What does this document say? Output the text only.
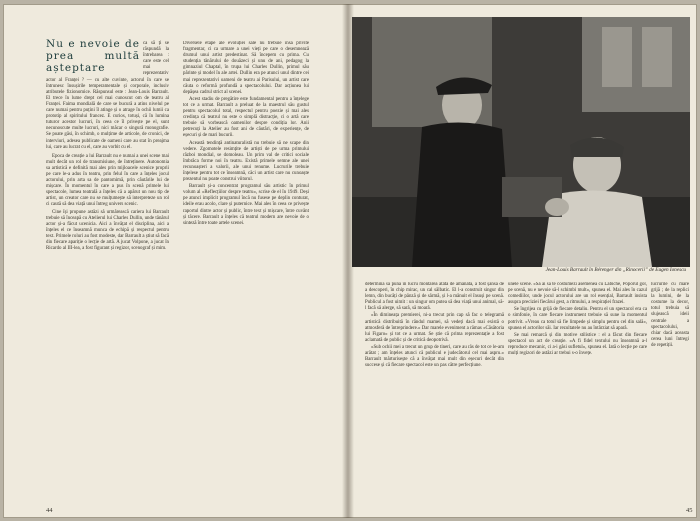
Nu e nevoie de prea multă așteptare
ca să ți se răspundă la întrebarea : care este cel mai reprezentativ actor al Franței ? — cu alte cuvinte, actorul în care se întrunesc însușirile temperamentale și corporale, inclusiv atributele fizionomice. Răspunsul este : Jean-Louis Barrault. El trece în lume drept cel mai cunoscut om de teatru al Franței. Faima mondială de care se bucură a atins nivelul pe care numai pentru puțini îl atinge și o atrage în ochii lumii ca prototip al spiritului francez. E curios, totuși, că în lumina tuturor acestor lucruri, în ceea ce îl privește pe el, sunt necunoscute multe lucruri, nici măcar o singură monografie. Se poate găsi, în schimb, o mulțime de articole, de cronici, de interviuri, adesea publicate de oameni care au stat în preajma lui, care au lucrat cu el, care au vorbit cu el.

Epoca de creație a lui Barrault nu e numai a unei scene mai mult decât un rol de transmisiune, de întreținere. Autonomia sa artistică e definită mai ales prin mijloacele scenice proprii pe care le-a adus în teatru, prin felul în care a înțeles jocul actorului, prin arta sa de pantomimă, prin căutările lui de mișcare. În momentul în care a pus în scenă primele lui spectacole, lumea teatrală a înțeles că a apărut un nou tip de artist, un creator care nu se mulțumește să interpreteze un rol ci caută să dea viață unui întreg univers scenic.

Cine își propune astăzi să urmărească cariera lui Barrault trebuie să înceapă cu Atelierul lui Charles Dullin, unde tânărul actor și-a făcut ucenicia. Aici a învățat el disciplina, aici a înțeles el ce înseamnă munca de echipă și respectul pentru text. Primele roluri au fost modeste, dar Barrault a știut să facă din fiecare apariție o lecție de artă. A jucat Volpone, a jucat în Ricardo al III-lea, a fost figurant și regizor, scenograf și mim.

Diversele etape ale evoluției sale nu trebuie însă privite fragmentar, ci ca urmare a unei vieți pe care o desemnează drumul unui artist predestinat. Să începem cu prima. Cu studenția tânărului de douăzeci și unu de ani, pedagog la gimnaziul Chaptal, în trupa lui Charles Dullin, primul său părinte și model în ale artei. Dullin era pe atunci unul dintre cei mai reprezentativi oameni de teatru ai Parisului, un artist care căuta o reformă profundă a spectacolului. Dar acțiunea lui depășea cadrul strict al scenei.

Acest stadiu de pregătire este fundamental pentru a înțelege tot ce a urmat. Barrault a preluat de la maestrul său gustul pentru spectacolul total, respectul pentru poezie și mai ales credința că teatrul nu este o simplă distracție, ci o artă care trebuie să vorbească oamenilor despre condiția lor. Anii petrecuți la Atelier au fost ani de căutări, de experiențe, de eșecuri și de mari bucurii.

Această tendință antinaturalistă nu trebuie să ne scape din vedere. Zgomotele resimțite de artiști de pe urma primului război mondial, se domoleau. Un prim val de critici sociale îmbrăca forme noi în teatru. Există primele semne ale unei recunoașteri a valorii, ale unui renume. Lucrurile trebuie înțelese pentru tot ce înseamnă, căci un artist care nu cunoaște prezentul nu poate construi viitorul.

Barrault și-a concentrat programul său artistic în primul volum al «Reflecțiilor despre teatru», scrise de el în 1949. Deși pe atunci implicit programul încă nu fusese pe deplin conturat, ideile erau acolo, clare și puternice. Mai ales în ceea ce privește raportul dintre actor și public, între text și mișcare, între cuvânt și tăcere. Barrault a înțeles că teatrul modern are nevoie de o sinteză între toate artele scenei.

44
Jean-Louis Barrault în Bérenger din „Rinocerii” de Eugen Ionescu

determina să pună în lucru montarea atâta de amânată, a fost șansa de a descoperi, în chip mirac, un cal sălbatic. El l-a construit singur din lemn, din bucăți de pânză și de sârmă, și l-a mânuit el însuși pe scenă. Publicul a fost uimit : un singur om putea să dea viață unui animal, să-l facă să alerge, să sară, să moară.

«În dimineața premierei, ni-a trecut prin cap să fac o telegramă artistică distribuită în rândul mamei, să vedeți dacă mai există o atmosferă de întreprindere.» Dar marele eveniment a rămas «Căsătoria lui Figaro» și tot ce a urmat. Se știe că prima reprezentație a fost aclamată de public și de critică deopotrivă.

«Sub ochii mei a trecut un grup de tineri, care au râs de tot ce le-am arătat ; am înțeles atunci că publicul e judecătorul cel mai aspru.» Barrault mărturisește că a învățat mai mult din eșecuri decât din succese și că fiecare spectacol este un pas către perfecțiune.

unele scene. «Să ai să te costumezi asemenea cu Labiche, Poporul gol, pe scenă, nu e nevoie să-l schimbi mult», spunea el. Mai ales în cazul comediilor, unde jocul actorului are un rol esențial, Barrault insista asupra preciziei fiecărui gest, a ritmului, a respirației frazei.

Se îngrijea cu grijă de fiecare detaliu. Pentru el un spectacol era ca o simfonie, în care fiecare instrument trebuie să sune la momentul potrivit. «Vreau ca totul să fie limpede și simplu pentru cel din sală», spunea el actorilor săi. Iar rezultatele nu au întârziat să apară.

Se mai remarcă și din motive stilistice : el a făcut din fiecare spectacol un act de creație. «A fi fidel textului nu înseamnă a-l reproduce mecanic, ci a-i găsi sufletul», spunea el. Iată o lecție pe care mulți regizori de astăzi ar trebui s-o învețe.

lucrurile cu mare grijă ; de la replici la lumini, de la costume la decor, totul trebuia să slujească ideii centrale a spectacolului, chiar dacă aceasta cerea luni întregi de repetiții.

45
